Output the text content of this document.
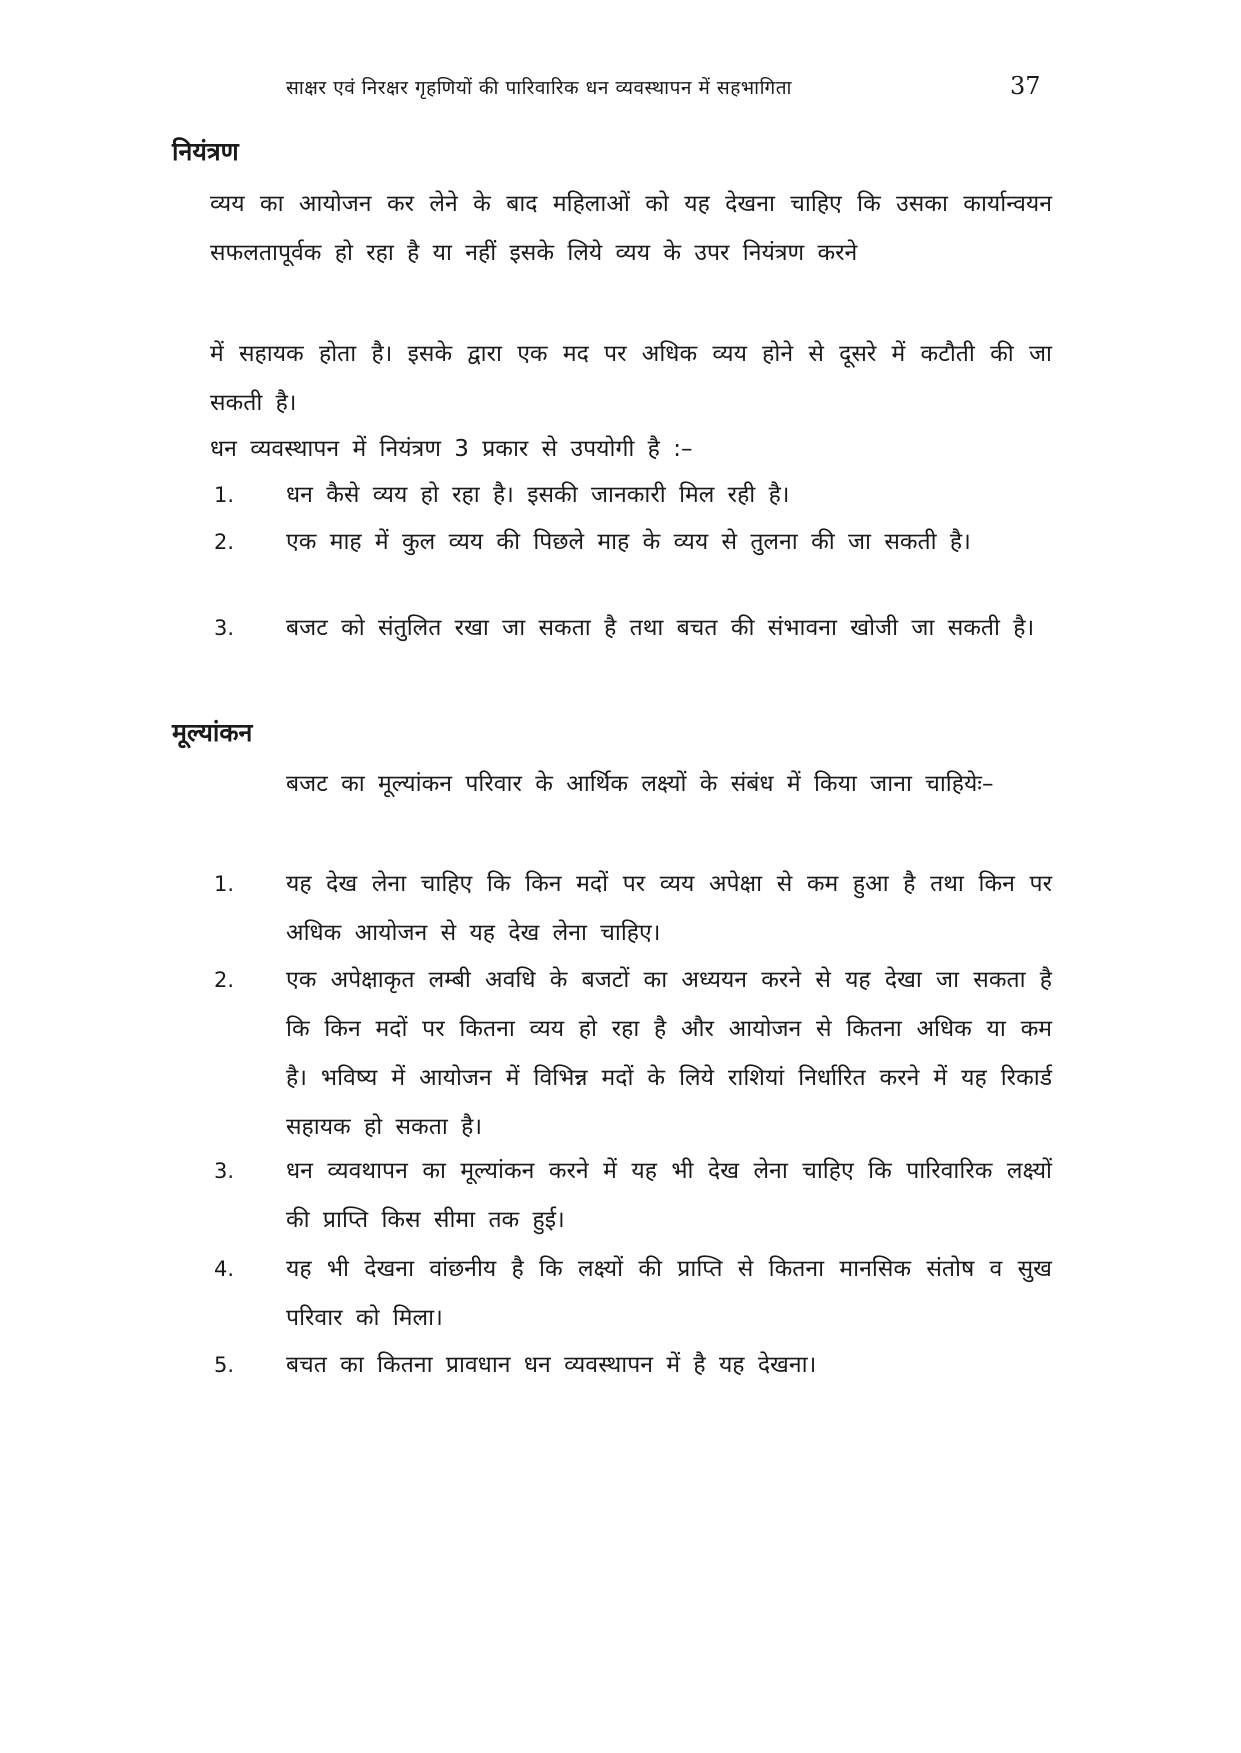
साक्षर एवं निरक्षर गृहणियों की पारिवारिक धन व्यवस्थापन में सहभागिता	37
नियंत्रण
व्यय का आयोजन कर लेने के बाद महिलाओं को यह देखना चाहिए कि उसका कार्यान्वयन सफलतापूर्वक हो रहा है या नहीं इसके लिये व्यय के उपर नियंत्रण करने
में सहायक होता है। इसके द्वारा एक मद पर अधिक व्यय होने से दूसरे में कटौती की जा सकती है।
धन व्यवस्थापन में नियंत्रण 3 प्रकार से उपयोगी है :–
1. धन कैसे व्यय हो रहा है। इसकी जानकारी मिल रही है।
2.	एक माह में कुल व्यय की पिछले माह के व्यय से तुलना की जा सकती है।
3. बजट को संतुलित रखा जा सकता है तथा बचत की संभावना खोजी जा सकती है।
मूल्यांकन
बजट का मूल्यांकन परिवार के आर्थिक लक्ष्यों के संबंध में किया जाना चाहियेः–
1. यह देख लेना चाहिए कि किन मदों पर व्यय अपेक्षा से कम हुआ है तथा किन पर अधिक आयोजन से यह देख लेना चाहिए।
2. एक अपेक्षाकृत लम्बी अवधि के बजटों का अध्ययन करने से यह देखा जा सकता है कि किन मदों पर कितना व्यय हो रहा है और आयोजन से कितना अधिक या कम है। भविष्य में आयोजन में विभिन्न मदों के लिये राशियां निर्धारित करने में यह रिकार्ड सहायक हो सकता है।
3. धन व्यवथापन का मूल्यांकन करने में यह भी देख लेना चाहिए कि पारिवारिक लक्ष्यों की प्राप्ति किस सीमा तक हुई।
4. यह भी देखना वांछनीय है कि लक्ष्यों की प्राप्ति से कितना मानसिक संतोष व सुख परिवार को मिला।
5. बचत का कितना प्रावधान धन व्यवस्थापन में है यह देखना।
